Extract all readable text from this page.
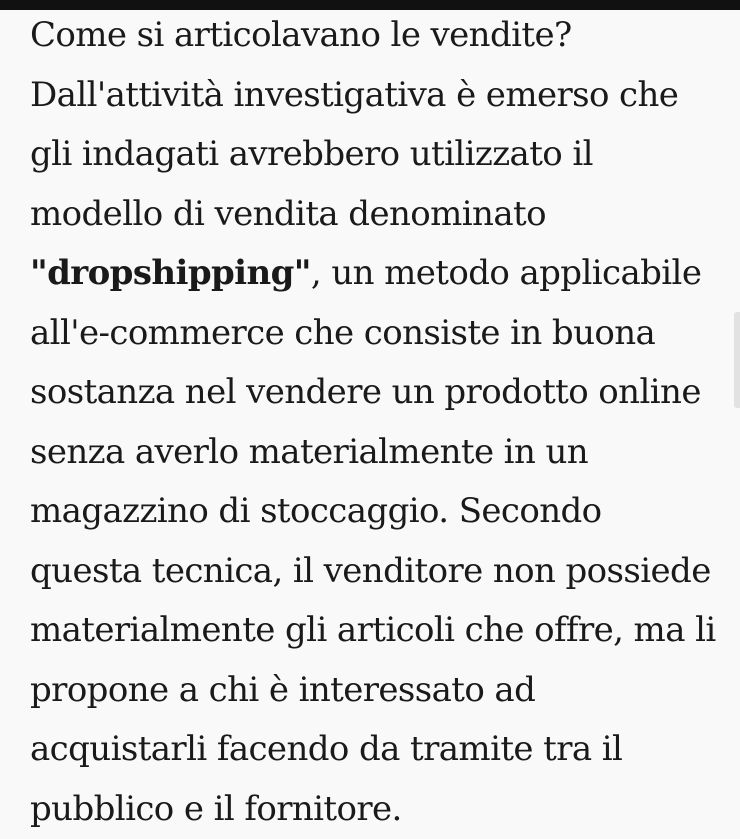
Come si articolavano le vendite?

Dall'attività investigativa è emerso che gli indagati avrebbero utilizzato il modello di vendita denominato "dropshipping", un metodo applicabile all'e-commerce che consiste in buona sostanza nel vendere un prodotto online senza averlo materialmente in un magazzino di stoccaggio. Secondo questa tecnica, il venditore non possiede materialmente gli articoli che offre, ma li propone a chi è interessato ad acquistarli facendo da tramite tra il pubblico e il fornitore.
